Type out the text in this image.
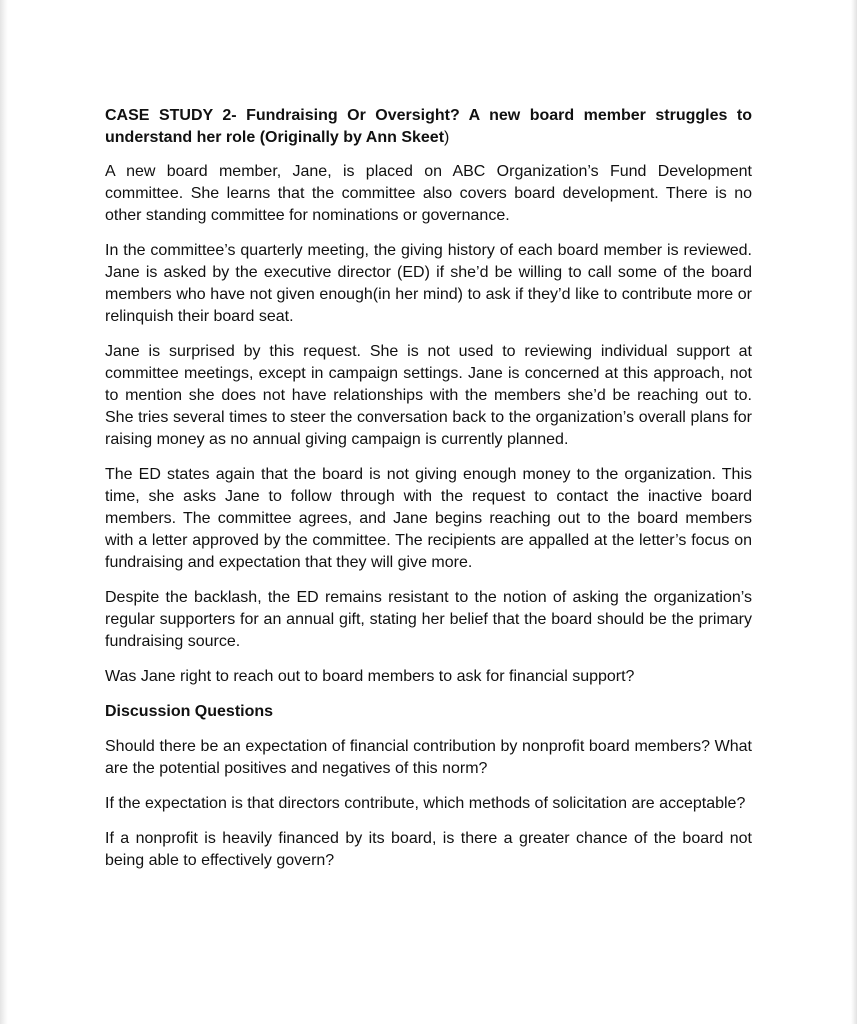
CASE STUDY 2- Fundraising Or Oversight? A new board member struggles to understand her role (Originally by Ann Skeet)

A new board member, Jane, is placed on ABC Organization’s Fund Development committee. She learns that the committee also covers board development. There is no other standing committee for nominations or governance.

In the committee’s quarterly meeting, the giving history of each board member is reviewed. Jane is asked by the executive director (ED) if she’d be willing to call some of the board members who have not given enough(in her mind) to ask if they’d like to contribute more or relinquish their board seat.

Jane is surprised by this request. She is not used to reviewing individual support at committee meetings, except in campaign settings. Jane is concerned at this approach, not to mention she does not have relationships with the members she’d be reaching out to. She tries several times to steer the conversation back to the organization’s overall plans for raising money as no annual giving campaign is currently planned.

The ED states again that the board is not giving enough money to the organization. This time, she asks Jane to follow through with the request to contact the inactive board members. The committee agrees, and Jane begins reaching out to the board members with a letter approved by the committee. The recipients are appalled at the letter’s focus on fundraising and expectation that they will give more.

Despite the backlash, the ED remains resistant to the notion of asking the organization’s regular supporters for an annual gift, stating her belief that the board should be the primary fundraising source.

Was Jane right to reach out to board members to ask for financial support?

Discussion Questions

Should there be an expectation of financial contribution by nonprofit board members? What are the potential positives and negatives of this norm?

If the expectation is that directors contribute, which methods of solicitation are acceptable?

If a nonprofit is heavily financed by its board, is there a greater chance of the board not being able to effectively govern?
